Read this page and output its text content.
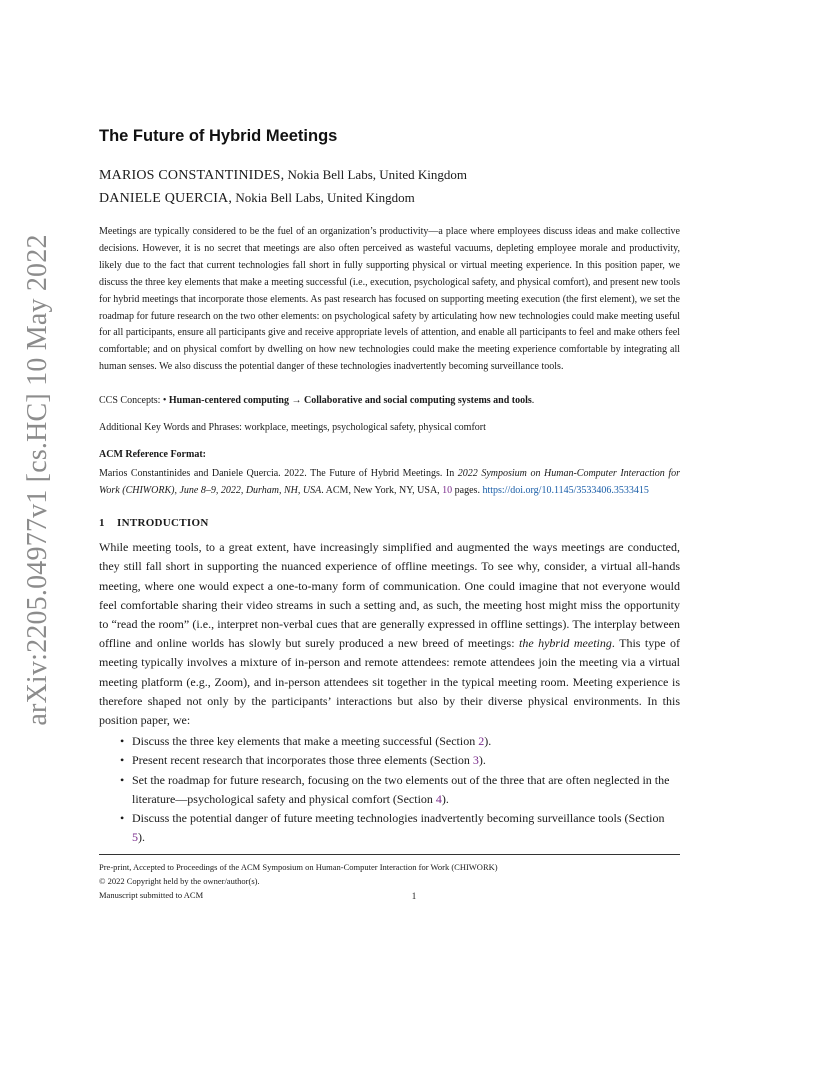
arXiv:2205.04977v1 [cs.HC] 10 May 2022
The Future of Hybrid Meetings

MARIOS CONSTANTINIDES, Nokia Bell Labs, United Kingdom

DANIELE QUERCIA, Nokia Bell Labs, United Kingdom

Meetings are typically considered to be the fuel of an organization’s productivity—a place where employees discuss ideas and make collective decisions. However, it is no secret that meetings are also often perceived as wasteful vacuums, depleting employee morale and productivity, likely due to the fact that current technologies fall short in fully supporting physical or virtual meeting experience. In this position paper, we discuss the three key elements that make a meeting successful (i.e., execution, psychological safety, and physical comfort), and present new tools for hybrid meetings that incorporate those elements. As past research has focused on supporting meeting execution (the first element), we set the roadmap for future research on the two other elements: on psychological safety by articulating how new technologies could make meeting useful for all participants, ensure all participants give and receive appropriate levels of attention, and enable all participants to feel and make others feel comfortable; and on physical comfort by dwelling on how new technologies could make the meeting experience comfortable by integrating all human senses. We also discuss the potential danger of these technologies inadvertently becoming surveillance tools.
CCS Concepts: • Human-centered computing → Collaborative and social computing systems and tools.
Additional Key Words and Phrases: workplace, meetings, psychological safety, physical comfort
ACM Reference Format:
Marios Constantinides and Daniele Quercia. 2022. The Future of Hybrid Meetings. In 2022 Symposium on Human-Computer Interaction for Work (CHIWORK), June 8–9, 2022, Durham, NH, USA. ACM, New York, NY, USA, 10 pages. https://doi.org/10.1145/3533406.3533415
1 INTRODUCTION
While meeting tools, to a great extent, have increasingly simplified and augmented the ways meetings are conducted, they still fall short in supporting the nuanced experience of offline meetings. To see why, consider, a virtual all-hands meeting, where one would expect a one-to-many form of communication. One could imagine that not everyone would feel comfortable sharing their video streams in such a setting and, as such, the meeting host might miss the opportunity to “read the room” (i.e., interpret non-verbal cues that are generally expressed in offline settings). The interplay between offline and online worlds has slowly but surely produced a new breed of meetings: the hybrid meeting. This type of meeting typically involves a mixture of in-person and remote attendees: remote attendees join the meeting via a virtual meeting platform (e.g., Zoom), and in-person attendees sit together in the typical meeting room. Meeting experience is therefore shaped not only by the participants’ interactions but also by their diverse physical environments. In this position paper, we:
• Discuss the three key elements that make a meeting successful (Section 2).
• Present recent research that incorporates those three elements (Section 3).
• Set the roadmap for future research, focusing on the two elements out of the three that are often neglected in the literature—psychological safety and physical comfort (Section 4).
• Discuss the potential danger of future meeting technologies inadvertently becoming surveillance tools (Section 5).
Pre-print, Accepted to Proceedings of the ACM Symposium on Human-Computer Interaction for Work (CHIWORK)
© 2022 Copyright held by the owner/author(s).
Manuscript submitted to ACM	1
